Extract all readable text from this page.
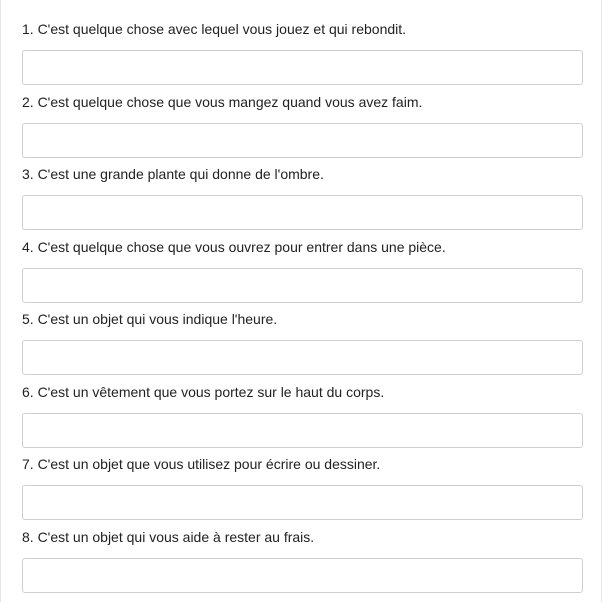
1. C'est quelque chose avec lequel vous jouez et qui rebondit.
2. C'est quelque chose que vous mangez quand vous avez faim.
3. C'est une grande plante qui donne de l'ombre.
4. C'est quelque chose que vous ouvrez pour entrer dans une pièce.
5. C'est un objet qui vous indique l'heure.
6. C'est un vêtement que vous portez sur le haut du corps.
7. C'est un objet que vous utilisez pour écrire ou dessiner.
8. C'est un objet qui vous aide à rester au frais.
